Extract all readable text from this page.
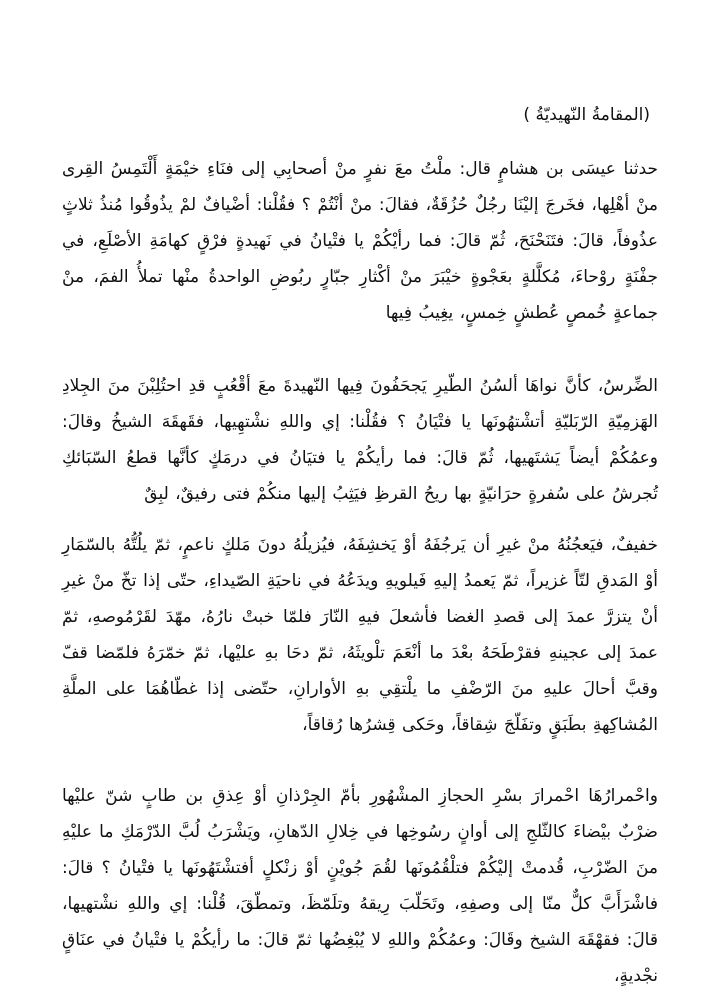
(المقامةُ النّهيديّةُ )
حدثنا عيسَى بن هشامٍ قال: ملْتُ معَ نفرٍ منْ أصحابِي إلى فنَاءِ خيْمَةٍ أَلْتَمِسُ القِرى منْ أهْلِها، فخَرجَ إليْنَا رجُلٌ حُزُقَةٌ، فقالَ: منْ أنْتُمْ ؟ فقُلْنا: أضْيافٌ لمْ يذُوقُوا مُنذُ ثلاثٍ عذُوفاً، قالَ: فتَنَحْنَحَ، ثُمّ قالَ: فما رأيْكُمْ يا فتْيانُ في نَهيدةٍ فرْقٍ كهامَةِ الأصْلَعِ، في جفْنَةٍ روْحاءَ، مُكلَّلةٍ بعَجْوةٍ خيْبَرَ منْ أكْثارِ جبّارٍ ربُوضِ الواحدةُ منْها تملأُ الفمَ، منْ جماعةٍ خُمصٍ عُطشٍ خِمسٍ، يغِيبُ فِيها
الضِّرسُ، كأنَّ نواهَا ألسُنُ الطّيرِ يَجحَفُونَ فِيها النّهيدةَ معَ أقْعُبٍ قدِ احتُلِبْنَ منَ الجِلادِ الهَزمِيّةِ الرّبَليّةِ أتشْتهُونَها يا فتْيَانُ ؟ فقُلْنا: إي واللهِ نشْتهِيها، فقَهقَهَ الشيخُ وقالَ: وعمُكُمْ أيضاً يَشتَهيها، ثُمّ قالَ: فما رأيكُمْ يا فتيَانُ في درمَكٍ كأنَّها قطعُ السّبَائكِ تُجرشُ على سُفرةٍ حرَانيّةٍ بها ريحُ القرظِ فيَثِبُ إليها منكُمْ فتى رفيقٌ، لبِقٌ
خفيفٌ، فيَعجُنُهُ منْ غيرِ أن يَرجُفَهُ أوْ يَخشِفَهُ، فيُزيلُهُ دونَ مَلكٍ ناعمٍ، ثمّ يلُتُّهُ بالسّمَارِ أوْ المَدقِ لتّاً غزيراً، ثمّ يَعمدُ إليهِ فَيلويهِ ويدَعُهُ في ناحيَةِ الصّيداءِ، حتّى إذا تخّ منْ غيرِ أنْ يتزرَّ عمدَ إلى قصدِ الغضا فأشعلَ فيهِ النّارَ فلمّا خبتْ نارُهُ، مهّدَ لقَرْمُوصهِ، ثمّ عمدَ إلى عجينهِ فقرْطَحَهُ بعْدَ ما أنْعَمَ تلْويثَهُ، ثمّ دحَا بهِ عليْها، ثمّ خمّرَهُ فلمّضا قفّ وقبَّ أحالَ عليهِ منَ الرّضْفِ ما يلْتقِي بهِ الأوارانِ، حتّضى إذا غطّاهُمَا على الملَّةِ المُشاكِهةِ بطَبَقٍ وتفَلّجَ شِقاقاً، وحَكى قِشرُها رُقاقاً،
واحْمرارُهَا احْمرارَ بسْرِ الحجازِ المشْهُورِ بأمّ الجِرْذانِ أوْ عِذقِ بن طابٍ شنّ عليْها ضرْبٌ بيْضاءَ كالثّلجِ إلى أوانٍ رسُوخِها في خِلالِ الدّهانِ، ويَشْرَبُ لُبَّ الدّرْمَكِ ما عليْهِ منَ الضّرْبِ، قُدمتْ إليْكُمْ فتلْقُمُونَها لقُمَ جُويْنٍ أوْ زنْكلٍ أفتشْتَهُونَها يا فتْيانُ ؟ قالَ: فاشْرَأَبَّ كلٌّ منّا إلى وصفِهِ، وتَحَلّبَ رِيقهُ وتلَمّظَ، وتمطّقَ، قُلْنا: إي واللهِ نشْتهيها، قالَ: فقهْقَهَ الشيخ وقَالَ: وعمُكُمْ واللهِ لا يُبْغِضُها ثمّ قالَ: ما رأيكُمْ يا فتْيانُ في عنَاقٍ نجْديةٍ،
